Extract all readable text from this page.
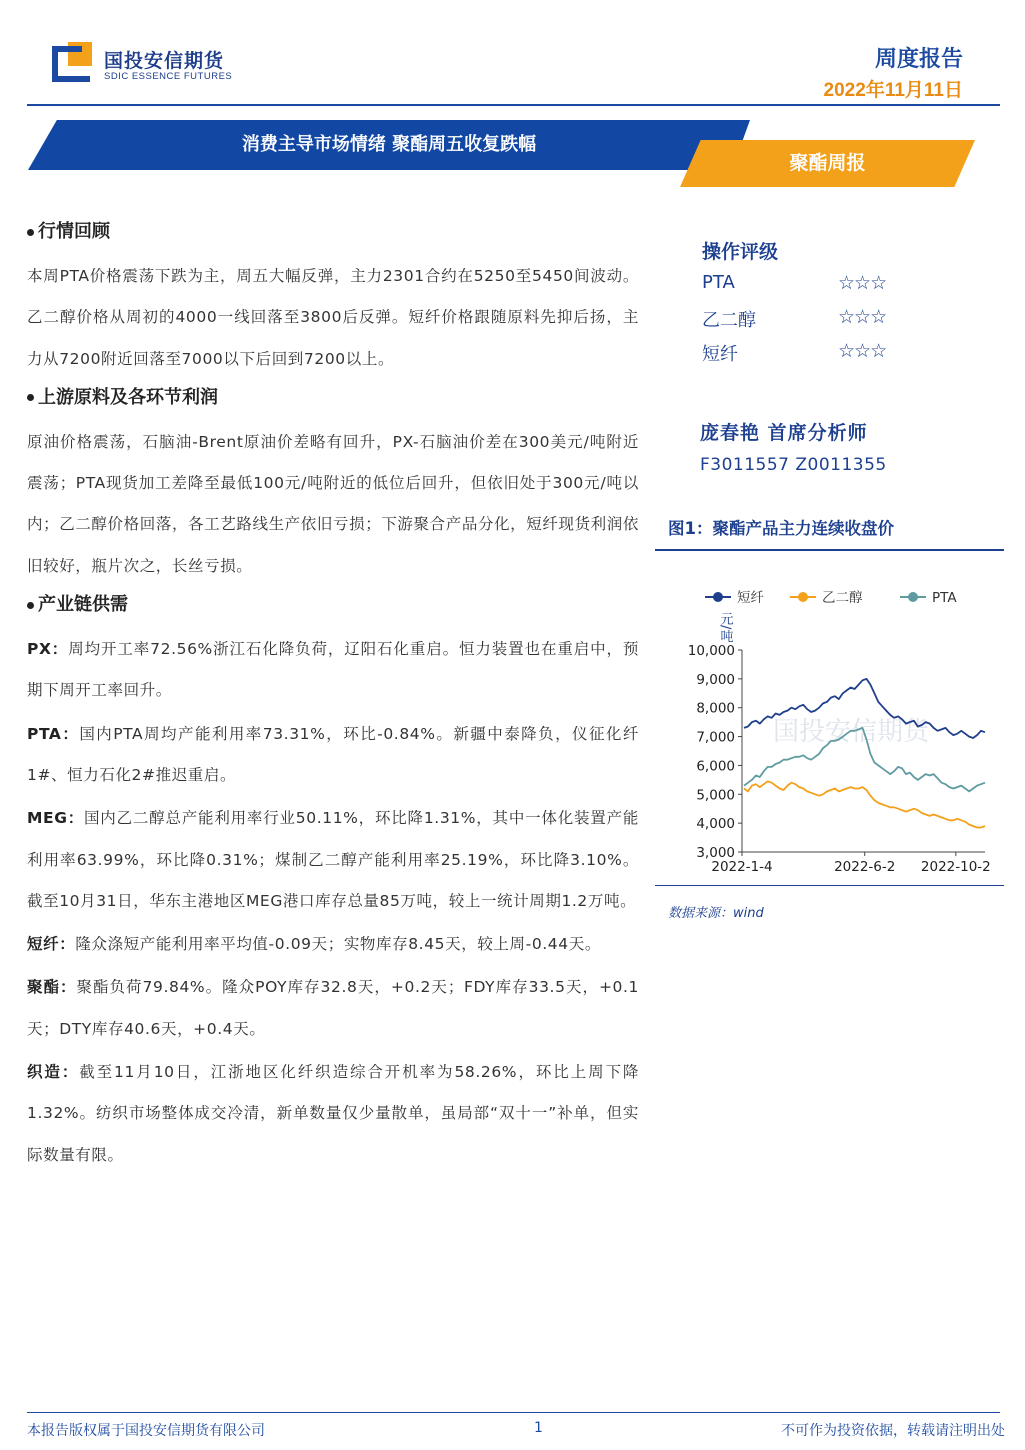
国投安信期货
SDIC ESSENCE FUTURES
周度报告
2022年11月11日
消费主导市场情绪 聚酯周五收复跌幅
聚酯周报
行情回顾

本周PTA价格震荡下跌为主，周五大幅反弹，主力2301合约在5250至5450间波动。乙二醇价格从周初的4000一线回落至3800后反弹。短纤价格跟随原料先抑后扬，主力从7200附近回落至7000以下后回到7200以上。

上游原料及各环节利润

原油价格震荡，石脑油-Brent原油价差略有回升，PX-石脑油价差在300美元/吨附近震荡；PTA现货加工差降至最低100元/吨附近的低位后回升，但依旧处于300元/吨以内；乙二醇价格回落，各工艺路线生产依旧亏损；下游聚合产品分化，短纤现货利润依旧较好，瓶片次之，长丝亏损。

产业链供需

PX：周均开工率72.56%浙江石化降负荷，辽阳石化重启。恒力装置也在重启中，预期下周开工率回升。

PTA：国内PTA周均产能利用率73.31%，环比-0.84%。新疆中泰降负，仪征化纤1#、恒力石化2#推迟重启。

MEG：国内乙二醇总产能利用率行业50.11%，环比降1.31%，其中一体化装置产能利用率63.99%，环比降0.31%；煤制乙二醇产能利用率25.19%，环比降3.10%。截至10月31日，华东主港地区MEG港口库存总量85万吨，较上一统计周期1.2万吨。

短纤：隆众涤短产能利用率平均值-0.09天；实物库存8.45天，较上周-0.44天。

聚酯：聚酯负荷79.84%。隆众POY库存32.8天，+0.2天；FDY库存33.5天，+0.1天；DTY库存40.6天，+0.4天。

织造：截至11月10日，江浙地区化纤织造综合开机率为58.26%，环比上周下降1.32%。纺织市场整体成交冷清，新单数量仅少量散单，虽局部“双十一”补单，但实际数量有限。

操作评级
PTA	☆☆☆
乙二醇	☆☆☆
短纤	☆☆☆
庞春艳 首席分析师
F3011557 Z0011355
图1：聚酯产品主力连续收盘价
国投安信期货
10,000
9,000
8,000
7,000
6,000
5,000
4,000
3,000
元/吨
2022-1-4	2022-6-2 2022-10-2
短纤	乙二醇	PTA
数据来源：wind
本报告版权属于国投安信期货有限公司	1	不可作为投资依据，转载请注明出处
